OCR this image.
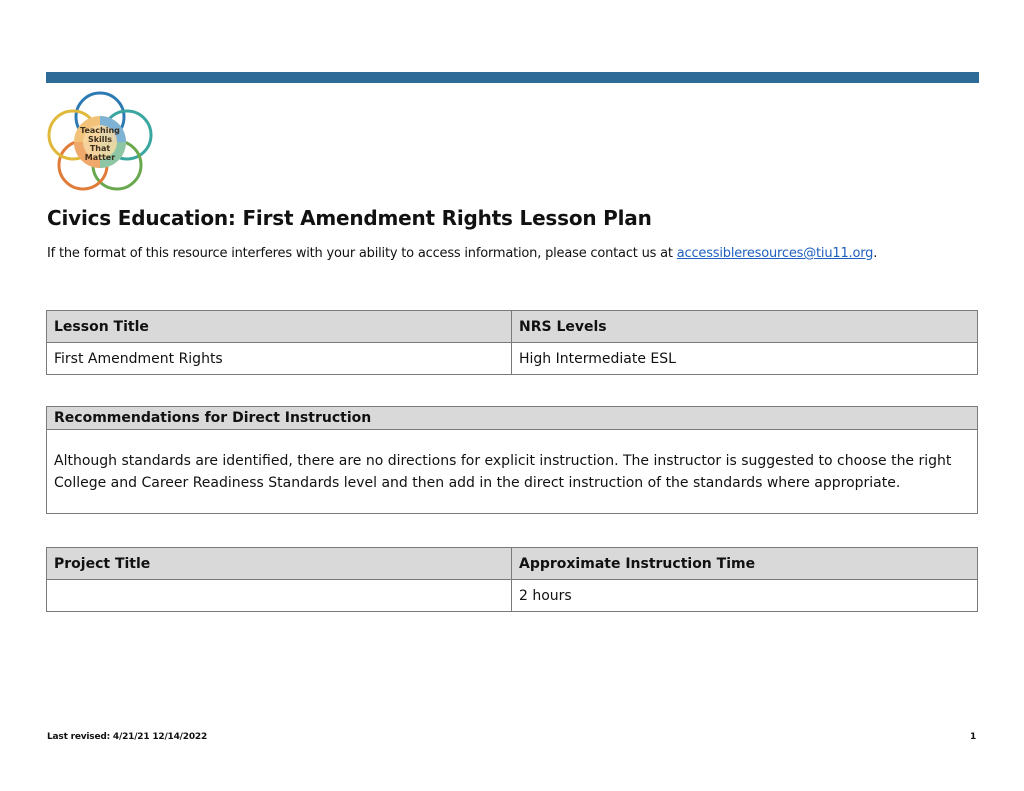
Teaching Skills That Matter
Civics Education: First Amendment Rights Lesson Plan

If the format of this resource interferes with your ability to access information, please contact us at accessibleresources@tiu11.org.

Lesson Title	NRS Levels
First Amendment Rights	High Intermediate ESL
Recommendations for Direct Instruction
Although standards are identified, there are no directions for explicit instruction. The instructor is suggested to choose the right College and Career Readiness Standards level and then add in the direct instruction of the standards where appropriate.
Project Title	Approximate Instruction Time
	2 hours
Last revised: 4/21/21 12/14/2022	1
